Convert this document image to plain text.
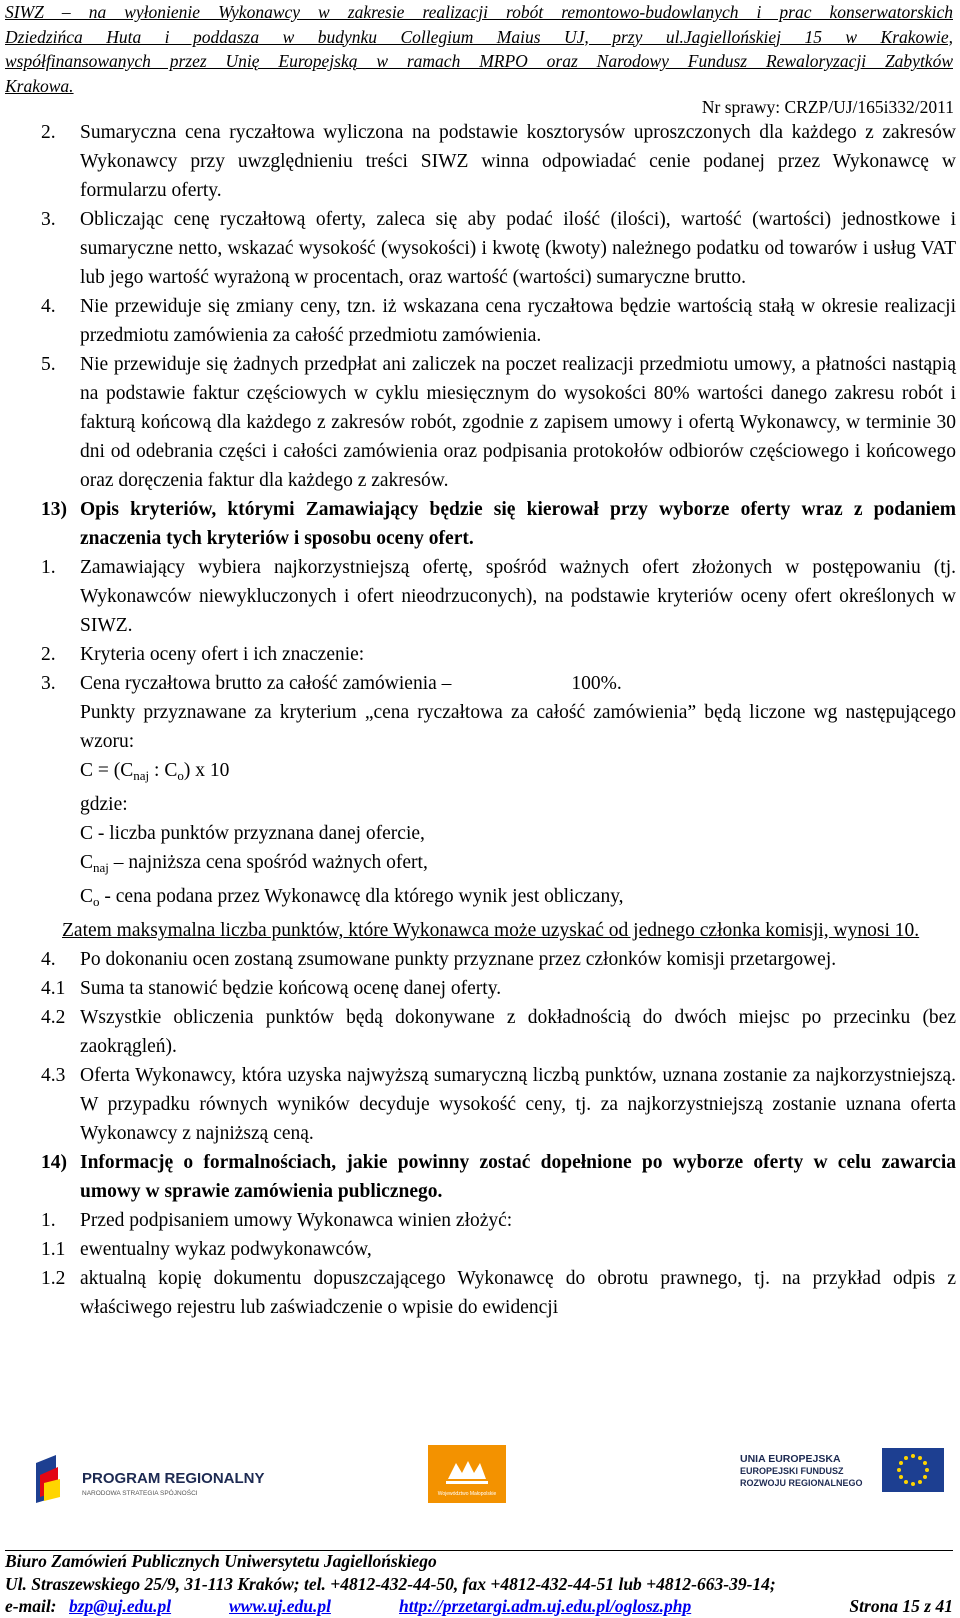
SIWZ – na wyłonienie Wykonawcy w zakresie realizacji robót remontowo-budowlanych i prac konserwatorskich
Dziedzińca Huta i poddasza w budynku Collegium Maius UJ, przy ul.Jagiellońskiej 15 w Krakowie,
współfinansowanych przez Unię Europejską w ramach MRPO oraz Narodowy Fundusz Rewaloryzacji Zabytków
Krakowa.
Nr sprawy: CRZP/UJ/165i332/2011
2. Sumaryczna cena ryczałtowa wyliczona na podstawie kosztorysów uproszczonych dla każdego z zakresów Wykonawcy przy uwzględnieniu treści SIWZ winna odpowiadać cenie podanej przez Wykonawcę w formularzu oferty.
3. Obliczając cenę ryczałtową oferty, zaleca się aby podać ilość (ilości), wartość (wartości) jednostkowe i sumaryczne netto, wskazać wysokość (wysokości) i kwotę (kwoty) należnego podatku od towarów i usług VAT lub jego wartość wyrażoną w procentach, oraz wartość (wartości) sumaryczne brutto.
4. Nie przewiduje się zmiany ceny, tzn. iż wskazana cena ryczałtowa będzie wartością stałą w okresie realizacji przedmiotu zamówienia za całość przedmiotu zamówienia.
5. Nie przewiduje się żadnych przedpłat ani zaliczek na poczet realizacji przedmiotu umowy, a płatności nastąpią na podstawie faktur częściowych w cyklu miesięcznym do wysokości 80% wartości danego zakresu robót i fakturą końcową dla każdego z zakresów robót, zgodnie z zapisem umowy i ofertą Wykonawcy, w terminie 30 dni od odebrania części i całości zamówienia oraz podpisania protokołów odbiorów częściowego i końcowego oraz doręczenia faktur dla każdego z zakresów.
13) Opis kryteriów, którymi Zamawiający będzie się kierował przy wyborze oferty wraz z podaniem znaczenia tych kryteriów i sposobu oceny ofert.
1. Zamawiający wybiera najkorzystniejszą ofertę, spośród ważnych ofert złożonych w postępowaniu (tj. Wykonawców niewykluczonych i ofert nieodrzuconych), na podstawie kryteriów oceny ofert określonych w SIWZ.
2. Kryteria oceny ofert i ich znaczenie:
3. Cena ryczałtowa brutto za całość zamówienia –	100%.
Punkty przyznawane za kryterium „cena ryczałtowa za całość zamówienia” będą liczone wg następującego wzoru:
$C = (C_{naj}$ : $C_o$) x 10
gdzie:
C - liczba punktów przyznana danej ofercie,
$C_{naj}$ – najniższa cena spośród ważnych ofert,
$C_o$ - cena podana przez Wykonawcę dla którego wynik jest obliczany,
Zatem maksymalna liczba punktów, które Wykonawca może uzyskać od jednego członka komisji, wynosi 10.
4. Po dokonaniu ocen zostaną zsumowane punkty przyznane przez członków komisji przetargowej.
4.1 Suma ta stanowić będzie końcową ocenę danej oferty.
4.2 Wszystkie obliczenia punktów będą dokonywane z dokładnością do dwóch miejsc po przecinku (bez zaokrągleń).
4.3 Oferta Wykonawcy, która uzyska najwyższą sumaryczną liczbą punktów, uznana zostanie za najkorzystniejszą. W przypadku równych wyników decyduje wysokość ceny, tj. za najkorzystniejszą zostanie uznana oferta Wykonawcy z najniższą ceną.
14) Informację o formalnościach, jakie powinny zostać dopełnione po wyborze oferty w celu zawarcia umowy w sprawie zamówienia publicznego.
1. Przed podpisaniem umowy Wykonawca winien złożyć:
1.1 ewentualny wykaz podwykonawców,
1.2 aktualną kopię dokumentu dopuszczającego Wykonawcę do obrotu prawnego, tj. na przykład odpis z właściwego rejestru lub zaświadczenie o wpisie do ewidencji
PROGRAM REGIONALNY
NARODOWA STRATEGIA SPÓJNOŚCI	Województwo Małopolskie
UNIA EUROPEJSKA
EUROPEJSKI FUNDUSZ
ROZWOJU REGIONALNEGO
Biuro Zamówień Publicznych Uniwersytetu Jagiellońskiego
Ul. Straszewskiego 25/9, 31-113 Kraków; tel. +4812-432-44-50, fax +4812-432-44-51 lub +4812-663-39-14;
e-mail: bzp@uj.edu.pl	www.uj.edu.pl	http://przetargi.adm.uj.edu.pl/oglosz.php	Strona 15 z 41
